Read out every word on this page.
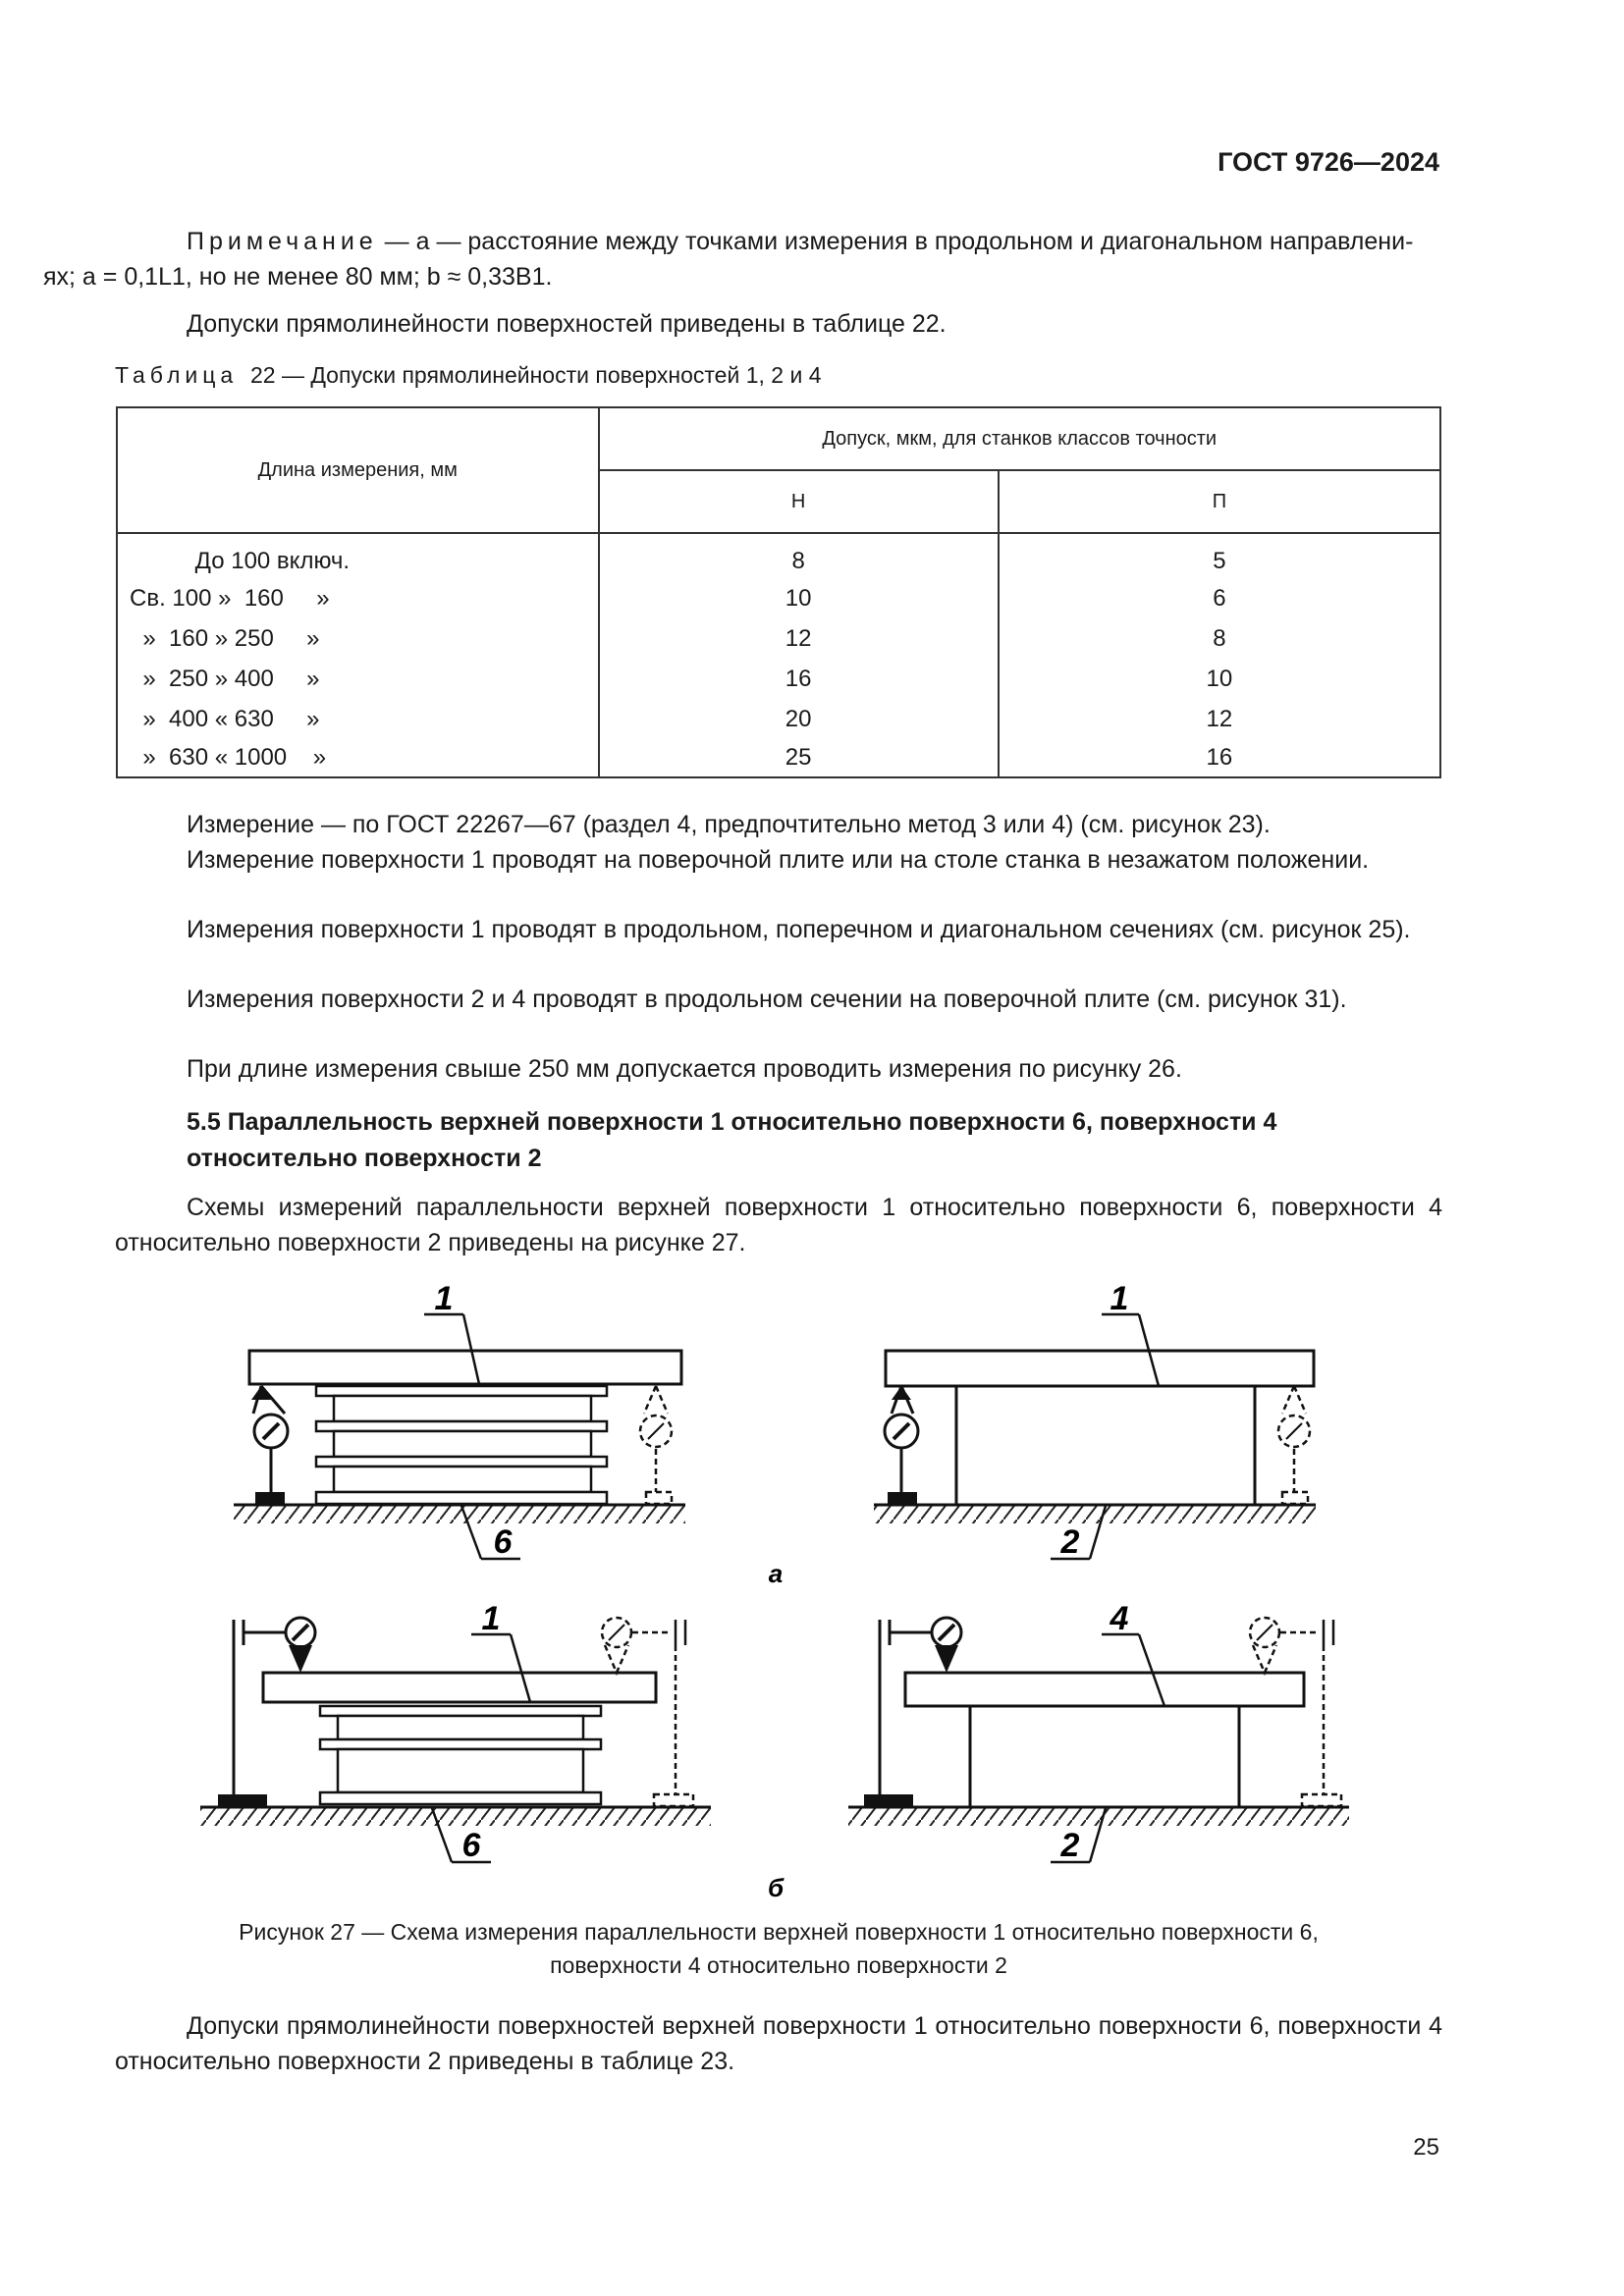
ГОСТ 9726—2024
Примечание — a — расстояние между точками измерения в продольном и диагональном направлени-
ях; a = 0,1L1, но не менее 80 мм; b ≈ 0,33B1.
Допуски прямолинейности поверхностей приведены в таблице 22.
Таблица 22 — Допуски прямолинейности поверхностей 1, 2 и 4
Длина измерения, мм	Допуск, мкм, для станков классов точности	
	Н	П

До 100 включ.	8	5
Св. 100 »  160     »	10	6
»  160 » 250     »	12	8
»  250 » 400     »	16	10
»  400 « 630     »	20	12
»  630 « 1000    »	25	16
Измерение — по ГОСТ 22267—67 (раздел 4, предпочтительно метод 3 или 4) (см. рисунок 23).
Измерение поверхности 1 проводят на поверочной плите или на столе станка в незажатом положении.
Измерения поверхности 1 проводят в продольном, поперечном и диагональном сечениях (см. рисунок 25).
Измерения поверхности 2 и 4 проводят в продольном сечении на поверочной плите (см. рисунок 31).
При длине измерения свыше 250 мм допускается проводить измерения по рисунку 26.
5.5 Параллельность верхней поверхности 1 относительно поверхности 6, поверхности 4 относительно поверхности 2
Схемы измерений параллельности верхней поверхности 1 относительно поверхности 6, поверхности 4 относительно поверхности 2 приведены на рисунке 27.
1
6
1
2
а
1
6
4
2
б
Рисунок 27 — Схема измерения параллельности верхней поверхности 1 относительно поверхности 6,
поверхности 4 относительно поверхности 2
Допуски прямолинейности поверхностей верхней поверхности 1 относительно поверхности 6, поверхности 4 относительно поверхности 2 приведены в таблице 23.
25
